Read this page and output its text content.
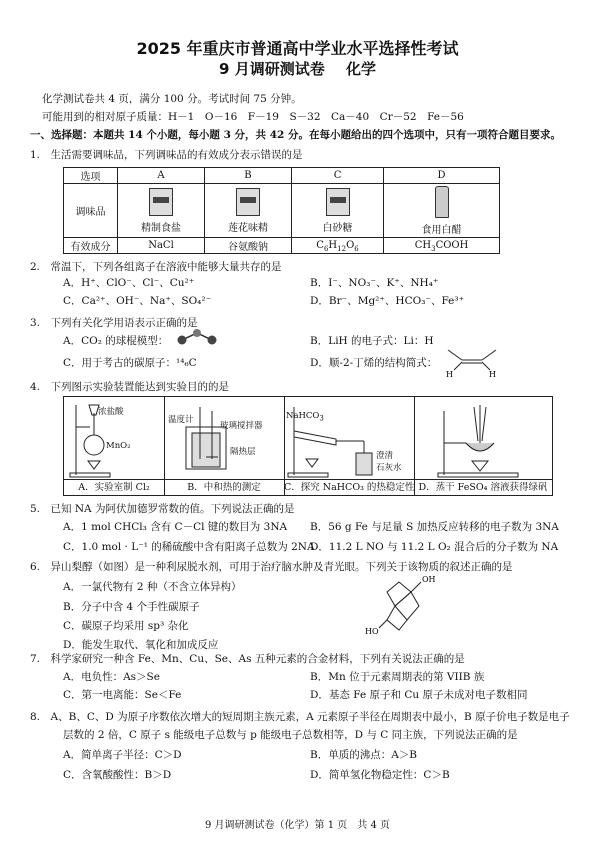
2025 年重庆市普通高中学业水平选择性考试
9 月调研测试卷 化学
化学测试卷共 4 页，满分 100 分。考试时间 75 分钟。
可能用到的相对原子质量：H－1　O－16　F－19　S－32　Ca－40　Cr－52　Fe－56
一、选择题：本题共 14 个小题，每小题 3 分，共 42 分。在每小题给出的四个选项中，只有一项符合题目要求。
1.　生活需要调味品，下列调味品的有效成分表示错误的是
选项	A	B	C	D
调味品	精制食盐	莲花味精	白砂糖	食用白醋
有效成分	NaCl	谷氨酸钠	$C_6H_{12}O_6$	$CH_3COOH$
2.　常温下，下列各组离子在溶液中能够大量共存的是
A．H⁺、ClO⁻、Cl⁻、Cu²⁺	B．I⁻、NO₃⁻、K⁺、NH₄⁺
C．Ca²⁺、OH⁻、Na⁺、SO₄²⁻	D．Br⁻、Mg²⁺、HCO₃⁻、Fe³⁺
3.　下列有关化学用语表示正确的是
A．CO₂ 的球棍模型：	B．LiH 的电子式：Li：H
C．用于考古的碳原子：¹⁴₆C	D．顺-2-丁烯的结构简式：
H	H
4.　下列图示实验装置能达到实验目的的是
浓盐酸
MnO₂
温度计
玻璃搅拌器
隔热层
NaHCO$_3$
澄清
石灰水
A．实验室制 Cl₂	B．中和热的测定	C．探究 NaHCO₃ 的热稳定性 D．蒸干 FeSO₄ 溶液获得绿矾
5.　已知 NA 为阿伏加德罗常数的值。下列说法正确的是
A．1 mol CHCl₃ 含有 C－Cl 键的数目为 3NA B．56 g Fe 与足量 S 加热反应转移的电子数为 3NA
C．1.0 mol · L⁻¹ 的稀硫酸中含有阳离子总数为 2NA
D．11.2 L NO 与 11.2 L O₂ 混合后的分子数为 NA
6.　异山梨醇（如图）是一种利尿脱水剂，可用于治疗脑水肿及青光眼。下列关于该物质的叙述正确的是
A．一氯代物有 2 种（不含立体异构）
B．分子中含 4 个手性碳原子
C．碳原子均采用 sp³ 杂化
D．能发生取代、氧化和加成反应
OH
HO
7.　科学家研究一种含 Fe、Mn、Cu、Se、As 五种元素的合金材料，下列有关说法正确的是
A．电负性：As＞Se	B．Mn 位于元素周期表的第 VIIB 族
C．第一电离能：Se＜Fe	D．基态 Fe 原子和 Cu 原子未成对电子数相同
8.　A、B、C、D 为原子序数依次增大的短周期主族元素，A 元素原子半径在周期表中最小，B 原子价电子数是电子
层数的 2 倍，C 原子 s 能级电子总数与 p 能级电子总数相等，D 与 C 同主族，下列说法正确的是
A．简单离子半径：C＞D	B．单质的沸点：A＞B
C．含氧酸酸性：B＞D	D．简单氢化物稳定性：C＞B
9 月调研测试卷（化学）第 1 页　共 4 页
